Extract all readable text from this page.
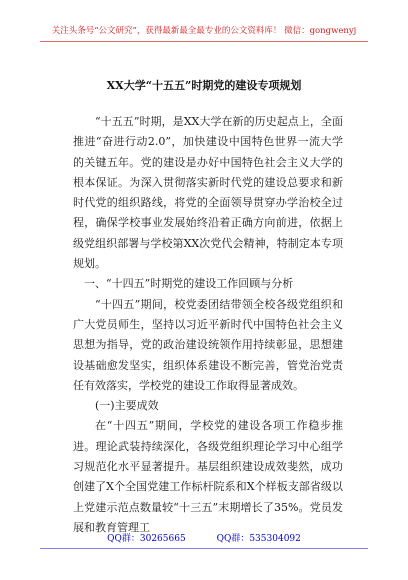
关注头条号“公文研究”，获得最新最全最专业的公文资料库！ 微信：gongwenyj
XX大学“十五五”时期党的建设专项规划

“十五五”时期，是XX大学在新的历史起点上，全面推进“奋进行动2.0”，加快建设中国特色世界一流大学的关键五年。党的建设是办好中国特色社会主义大学的根本保证。为深入贯彻落实新时代党的建设总要求和新时代党的组织路线，将党的全面领导贯穿办学治校全过程，确保学校事业发展始终沿着正确方向前进，依据上级党组织部署与学校第XX次党代会精神，特制定本专项规划。

一、“十四五”时期党的建设工作回顾与分析

“十四五”期间，校党委团结带领全校各级党组织和广大党员师生，坚持以习近平新时代中国特色社会主义思想为指导，党的政治建设统领作用持续彰显，思想建设基础愈发坚实，组织体系建设不断完善，管党治党责任有效落实，学校党的建设工作取得显著成效。

(一)主要成效

在“十四五”期间，学校党的建设各项工作稳步推进。理论武装持续深化，各级党组织理论学习中心组学习规范化水平显著提升。基层组织建设成效斐然，成功创建了X个全国党建工作标杆院系和X个样板支部省级以上党建示范点数量较“十三五”末期增长了35%。党员发展和教育管理工

QQ群：30265665	QQ群：535304092
